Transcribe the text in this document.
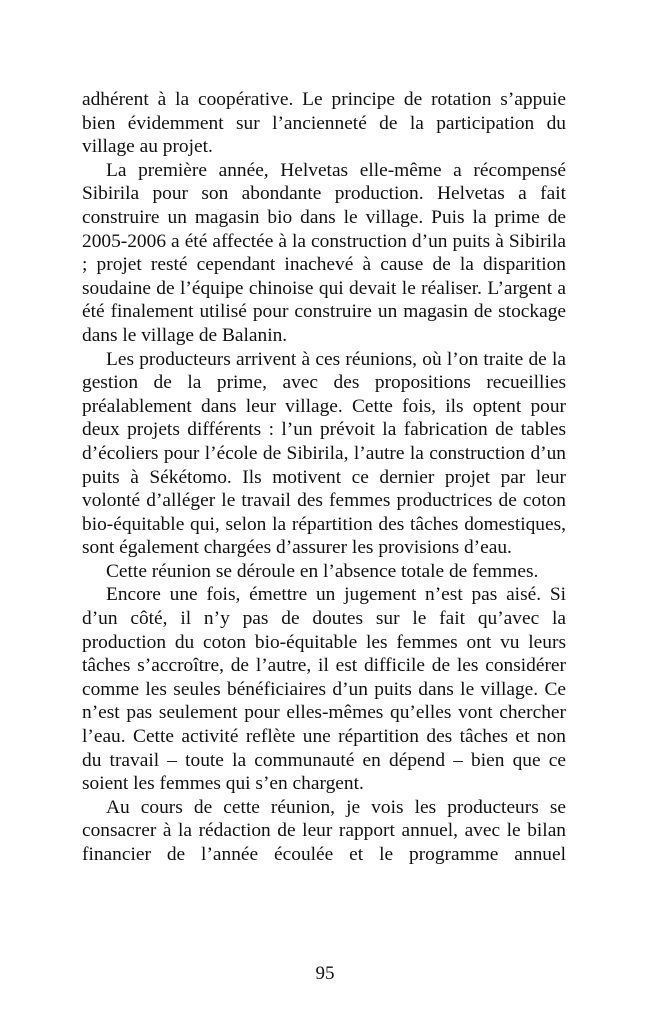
adhérent à la coopérative. Le principe de rotation s’appuie bien évidemment sur l’ancienneté de la participation du village au projet.

La première année, Helvetas elle-même a récompensé Sibirila pour son abondante production. Helvetas a fait construire un magasin bio dans le village. Puis la prime de 2005-2006 a été affectée à la construction d’un puits à Sibirila ; projet resté cependant inachevé à cause de la disparition soudaine de l’équipe chinoise qui devait le réaliser. L’argent a été finalement utilisé pour construire un magasin de stockage dans le village de Balanin.

Les producteurs arrivent à ces réunions, où l’on traite de la gestion de la prime, avec des propositions recueillies préalablement dans leur village. Cette fois, ils optent pour deux projets différents : l’un prévoit la fabrication de tables d’écoliers pour l’école de Sibirila, l’autre la construction d’un puits à Sékétomo. Ils motivent ce dernier projet par leur volonté d’alléger le travail des femmes productrices de coton bio-équitable qui, selon la répartition des tâches domestiques, sont également chargées d’assurer les provisions d’eau.

Cette réunion se déroule en l’absence totale de femmes.

Encore une fois, émettre un jugement n’est pas aisé. Si d’un côté, il n’y pas de doutes sur le fait qu’avec la production du coton bio-équitable les femmes ont vu leurs tâches s’accroître, de l’autre, il est difficile de les considérer comme les seules bénéficiaires d’un puits dans le village. Ce n’est pas seulement pour elles-mêmes qu’elles vont chercher l’eau. Cette activité reflète une répartition des tâches et non du travail – toute la communauté en dépend – bien que ce soient les femmes qui s’en chargent.

Au cours de cette réunion, je vois les producteurs se consacrer à la rédaction de leur rapport annuel, avec le bilan financier de l’année écoulée et le programme annuel

95
